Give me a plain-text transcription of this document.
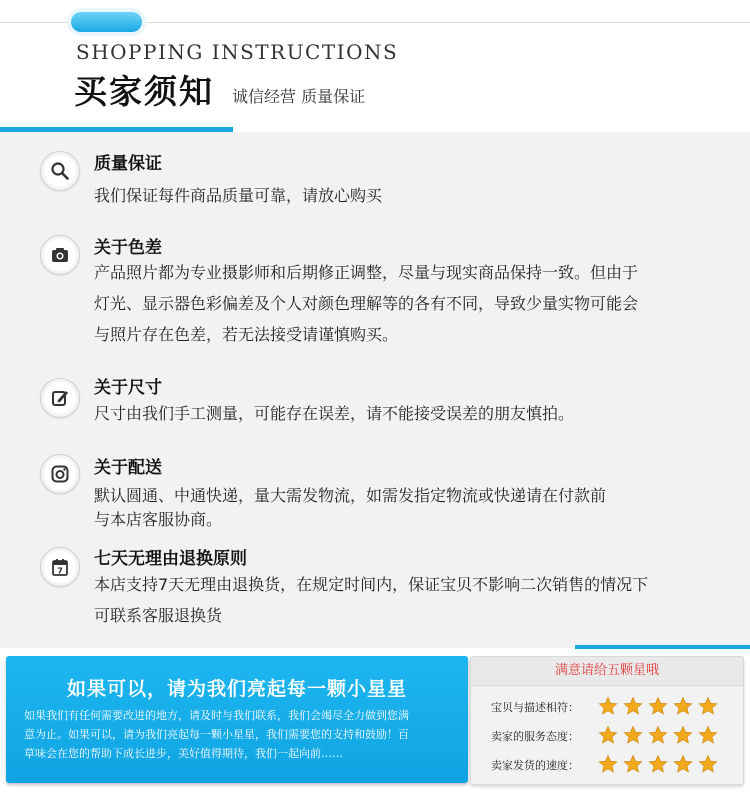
SHOPPING INSTRUCTIONS
买家须知 诚信经营 质量保证
质量保证

我们保证每件商品质量可靠，请放心购买

关于色差

产品照片都为专业摄影师和后期修正调整，尽量与现实商品保持一致。但由于

灯光、显示器色彩偏差及个人对颜色理解等的各有不同，导致少量实物可能会

与照片存在色差，若无法接受请谨慎购买。

关于尺寸

尺寸由我们手工测量，可能存在误差，请不能接受误差的朋友慎拍。

关于配送

默认圆通、中通快递，量大需发物流，如需发指定物流或快递请在付款前

与本店客服协商。

7
七天无理由退换原则

本店支持7天无理由退换货，在规定时间内，保证宝贝不影响二次销售的情况下

可联系客服退换货

如果可以，请为我们亮起每一颗小星星

如果我们有任何需要改进的地方，请及时与我们联系，我们会竭尽全力做到您满

意为止。如果可以，请为我们亮起每一颗小星星，我们需要您的支持和鼓励！百

草味会在您的帮助下成长进步，美好值得期待，我们一起向前……

满意请给五颗星哦
宝贝与描述相符：
卖家的服务态度：
卖家发货的速度：
